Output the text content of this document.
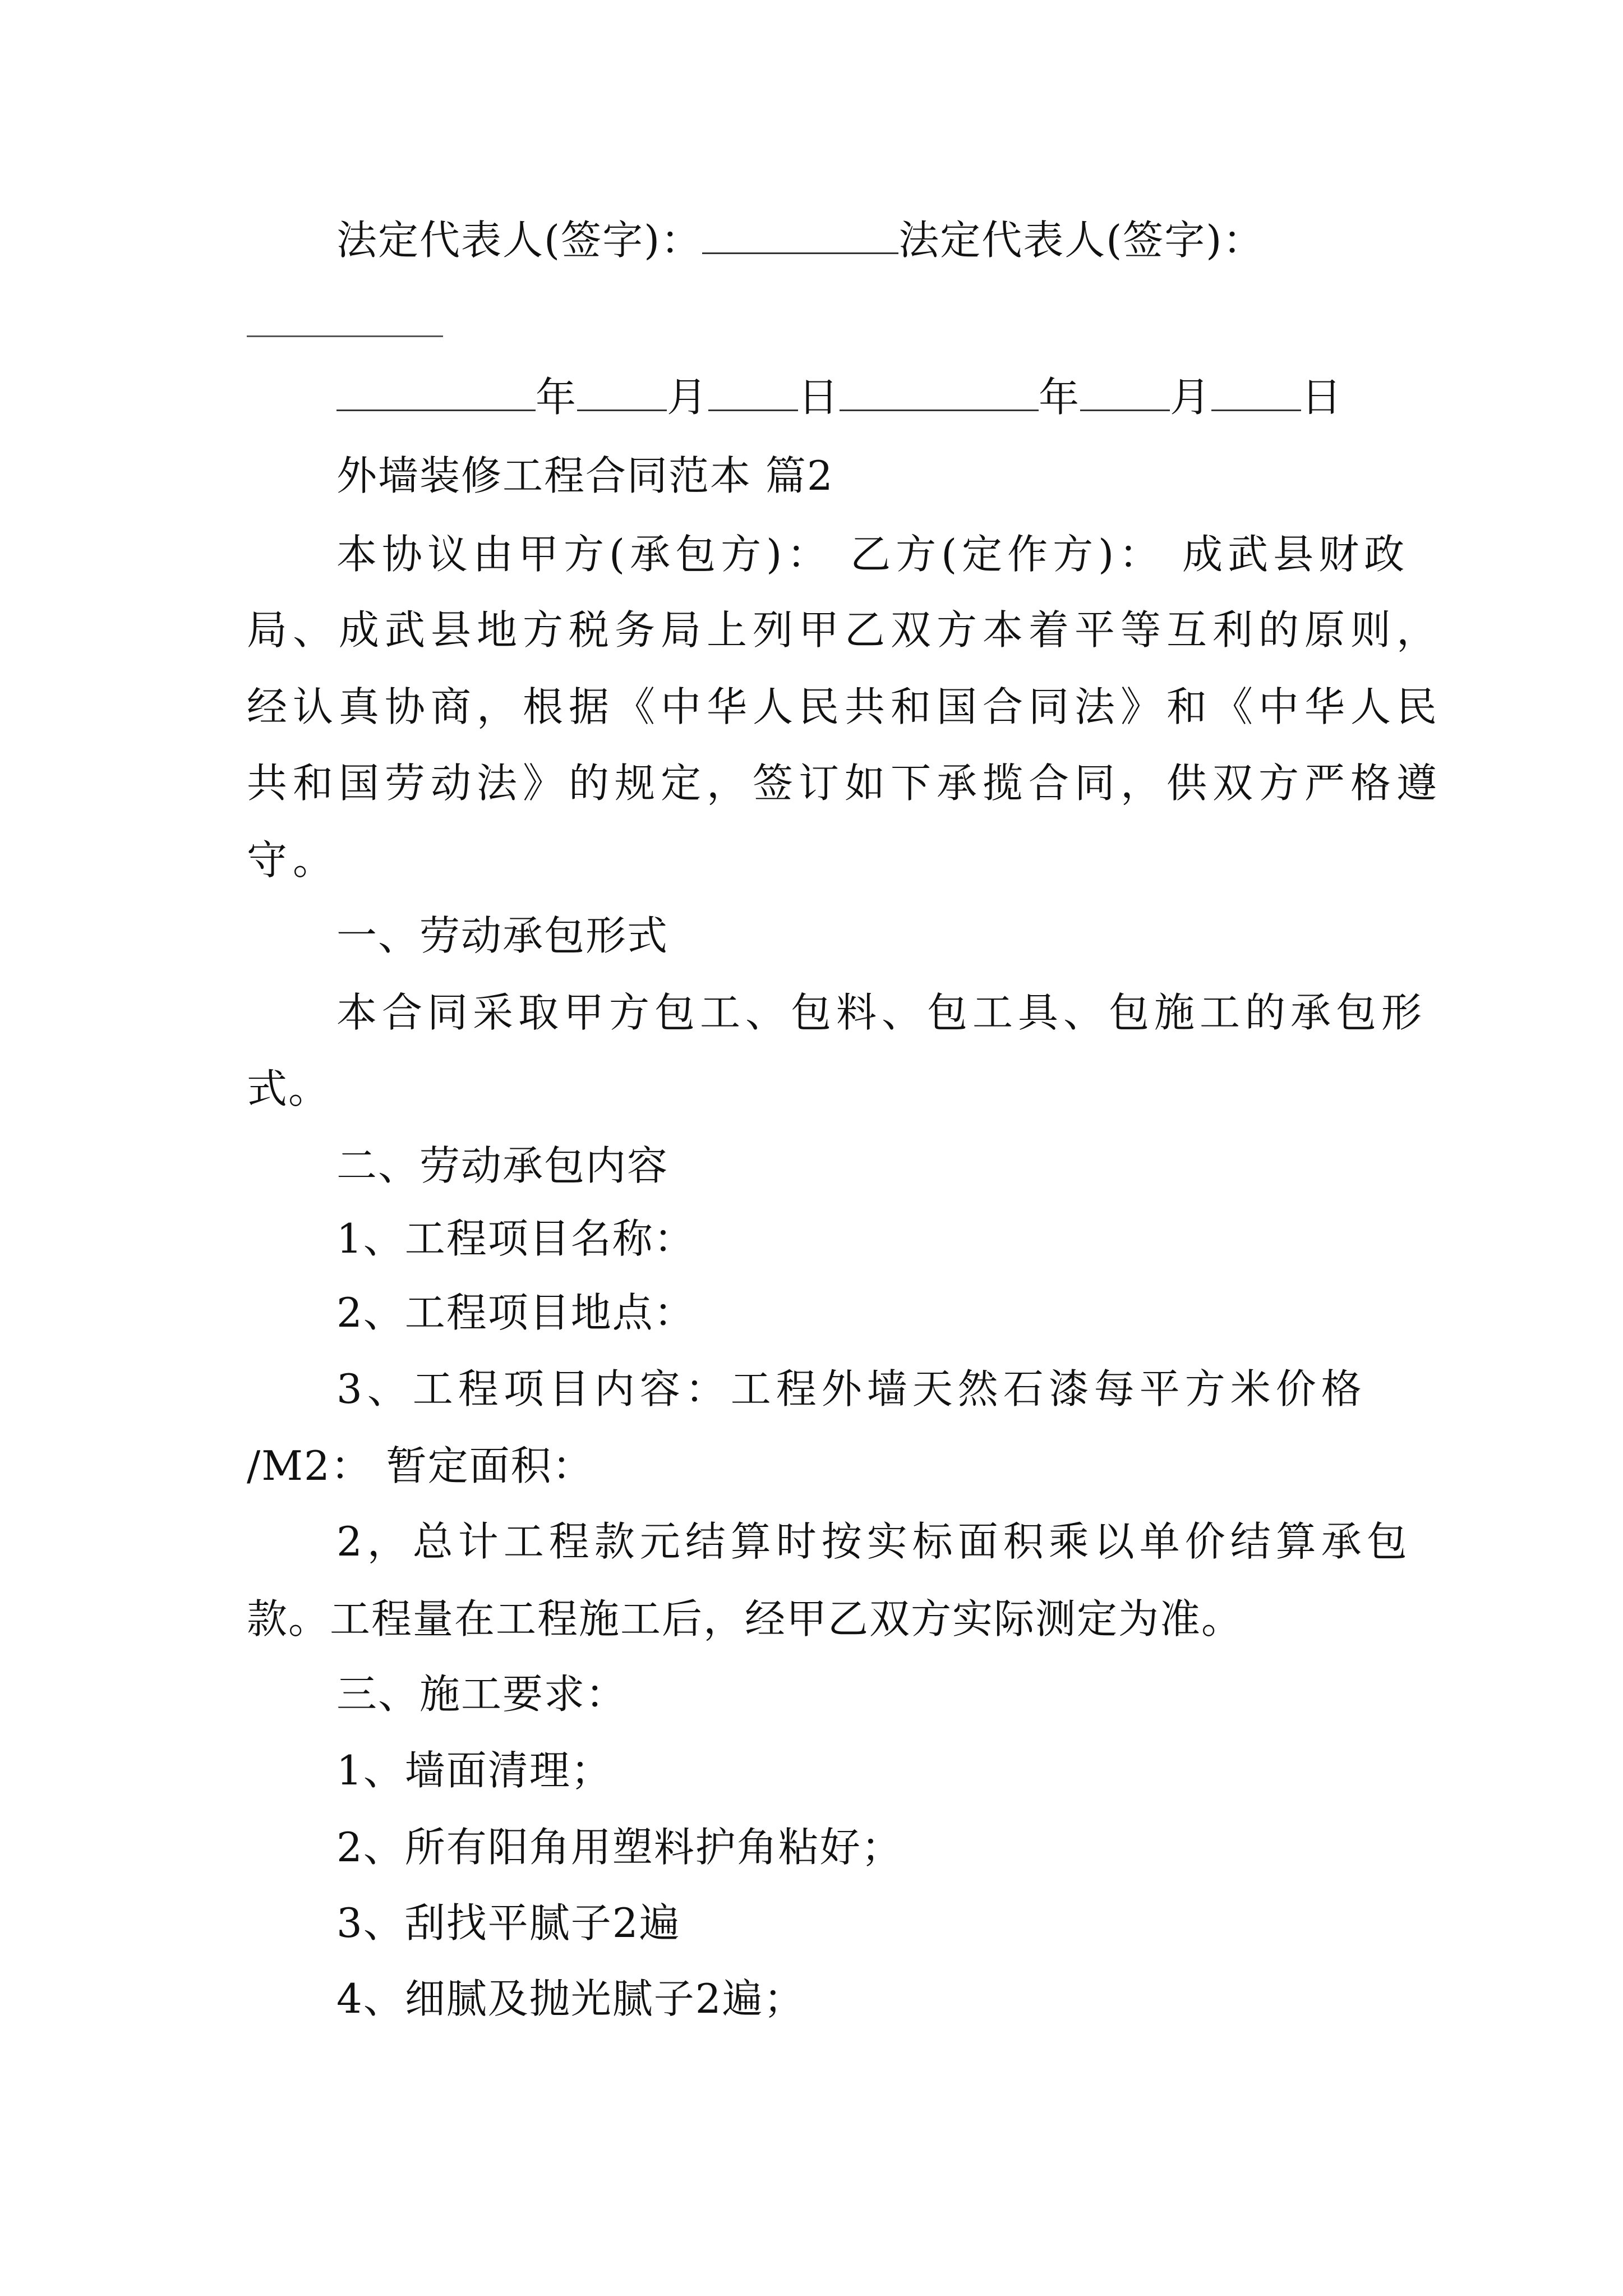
法定代表人(签字)：	法定代表人(签字)：

年 月 日	年 月 日

外墙装修工程合同范本 篇2

本协议由甲方(承包方)： 乙方(定作方)： 成武县财政

局、成武县地方税务局上列甲乙双方本着平等互利的原则，

经认真协商，根据《中华人民共和国合同法》和《中华人民

共和国劳动法》的规定，签订如下承揽合同，供双方严格遵

守。

一、劳动承包形式

本合同采取甲方包工、包料、包工具、包施工的承包形

式。

二、劳动承包内容

1、工程项目名称：

2、工程项目地点：

3、工程项目内容：工程外墙天然石漆每平方米价格

/M2： 暂定面积：

2，总计工程款元结算时按实标面积乘以单价结算承包

款。工程量在工程施工后，经甲乙双方实际测定为准。

三、施工要求：

1、墙面清理；

2、所有阳角用塑料护角粘好；

3、刮找平腻子2遍

4、细腻及抛光腻子2遍；
